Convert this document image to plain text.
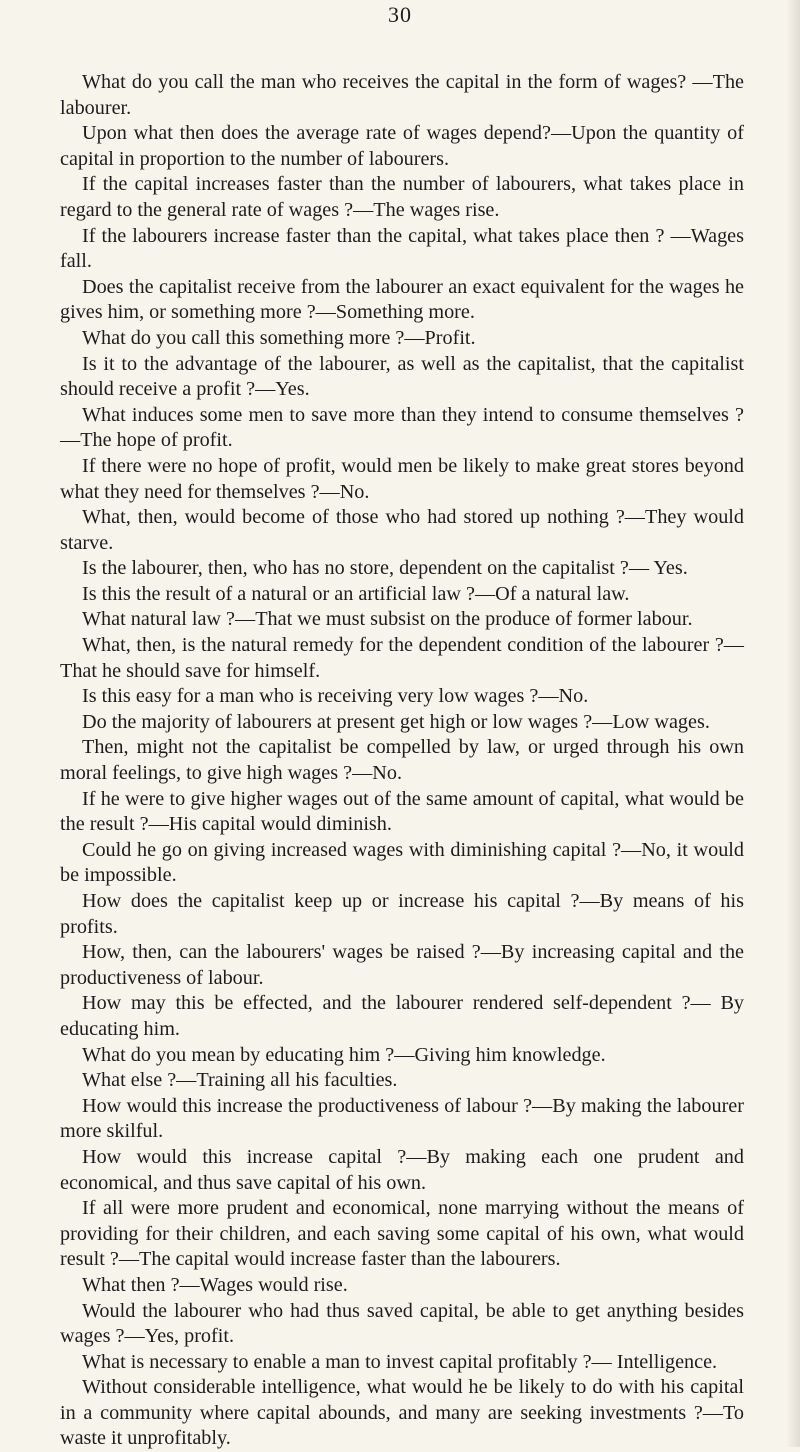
30

What do you call the man who receives the capital in the form of wages? —The labourer.

Upon what then does the average rate of wages depend?—Upon the quantity of capital in proportion to the number of labourers.

If the capital increases faster than the number of labourers, what takes place in regard to the general rate of wages ?—The wages rise.

If the labourers increase faster than the capital, what takes place then ? —Wages fall.

Does the capitalist receive from the labourer an exact equivalent for the wages he gives him, or something more ?—Something more.

What do you call this something more ?—Profit.

Is it to the advantage of the labourer, as well as the capitalist, that the capitalist should receive a profit ?—Yes.

What induces some men to save more than they intend to consume themselves ?—The hope of profit.

If there were no hope of profit, would men be likely to make great stores beyond what they need for themselves ?—No.

What, then, would become of those who had stored up nothing ?—They would starve.

Is the labourer, then, who has no store, dependent on the capitalist ?— Yes.

Is this the result of a natural or an artificial law ?—Of a natural law.

What natural law ?—That we must subsist on the produce of former labour.

What, then, is the natural remedy for the dependent condition of the labourer ?—That he should save for himself.

Is this easy for a man who is receiving very low wages ?—No.

Do the majority of labourers at present get high or low wages ?—Low wages.

Then, might not the capitalist be compelled by law, or urged through his own moral feelings, to give high wages ?—No.

If he were to give higher wages out of the same amount of capital, what would be the result ?—His capital would diminish.

Could he go on giving increased wages with diminishing capital ?—No, it would be impossible.

How does the capitalist keep up or increase his capital ?—By means of his profits.

How, then, can the labourers' wages be raised ?—By increasing capital and the productiveness of labour.

How may this be effected, and the labourer rendered self-dependent ?— By educating him.

What do you mean by educating him ?—Giving him knowledge.

What else ?—Training all his faculties.

How would this increase the productiveness of labour ?—By making the labourer more skilful.

How would this increase capital ?—By making each one prudent and economical, and thus save capital of his own.

If all were more prudent and economical, none marrying without the means of providing for their children, and each saving some capital of his own, what would result ?—The capital would increase faster than the labourers.

What then ?—Wages would rise.

Would the labourer who had thus saved capital, be able to get anything besides wages ?—Yes, profit.

What is necessary to enable a man to invest capital profitably ?— Intelligence.

Without considerable intelligence, what would he be likely to do with his capital in a community where capital abounds, and many are seeking investments ?—To waste it unprofitably.
